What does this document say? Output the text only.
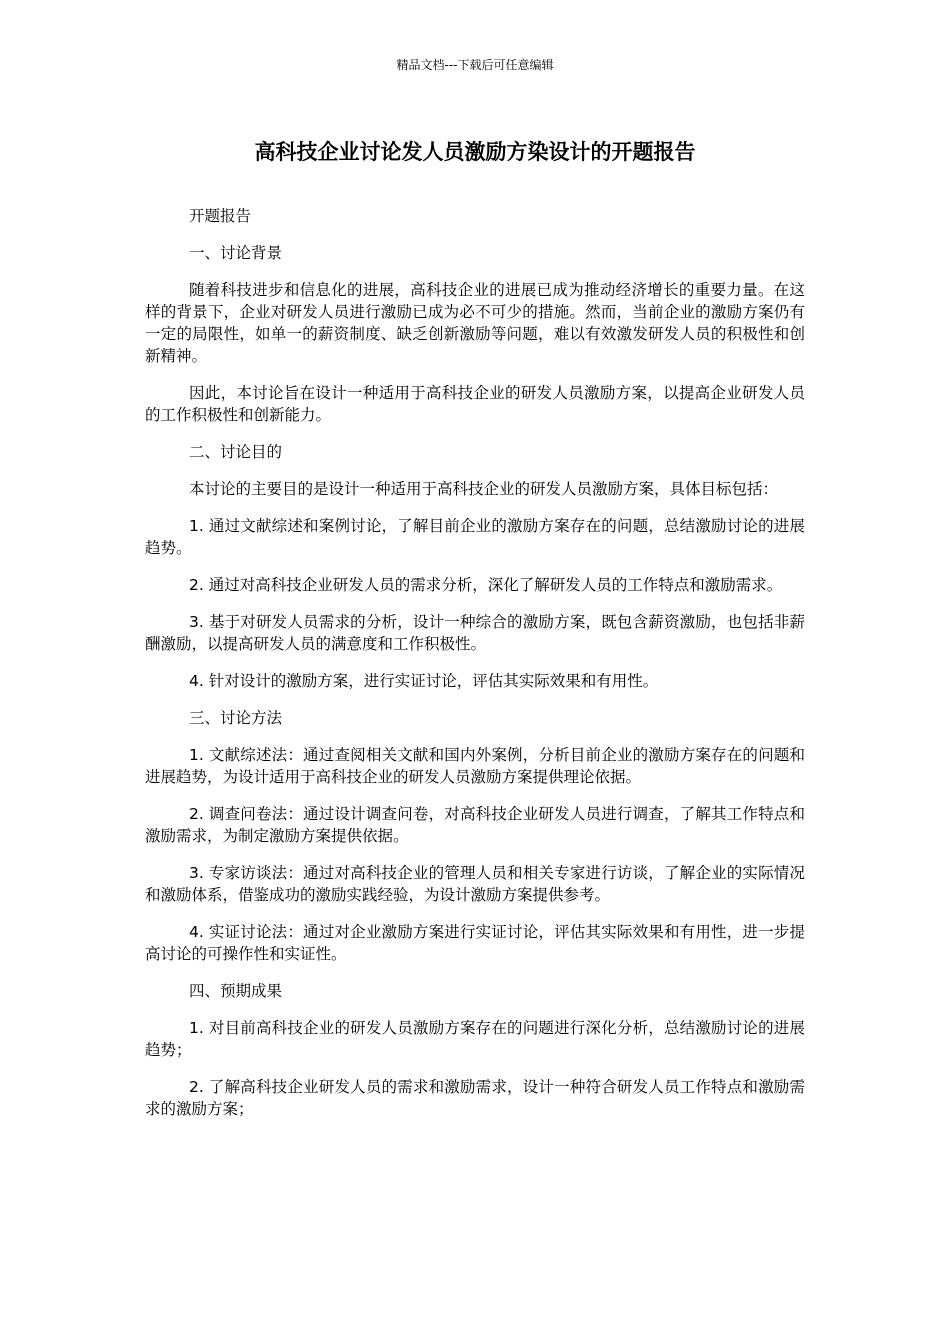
精品文档---下载后可任意编辑
高科技企业讨论发人员激励方染设计的开题报告

开题报告

一、讨论背景

随着科技进步和信息化的进展，高科技企业的进展已成为推动经济增长的重要力量。在这样的背景下，企业对研发人员进行激励已成为必不可少的措施。然而，当前企业的激励方案仍有一定的局限性，如单一的薪资制度、缺乏创新激励等问题，难以有效激发研发人员的积极性和创新精神。

因此，本讨论旨在设计一种适用于高科技企业的研发人员激励方案，以提高企业研发人员的工作积极性和创新能力。

二、讨论目的

本讨论的主要目的是设计一种适用于高科技企业的研发人员激励方案，具体目标包括：

1. 通过文献综述和案例讨论，了解目前企业的激励方案存在的问题，总结激励讨论的进展趋势。

2. 通过对高科技企业研发人员的需求分析，深化了解研发人员的工作特点和激励需求。

3. 基于对研发人员需求的分析，设计一种综合的激励方案，既包含薪资激励，也包括非薪酬激励，以提高研发人员的满意度和工作积极性。

4. 针对设计的激励方案，进行实证讨论，评估其实际效果和有用性。

三、讨论方法

1. 文献综述法：通过查阅相关文献和国内外案例，分析目前企业的激励方案存在的问题和进展趋势，为设计适用于高科技企业的研发人员激励方案提供理论依据。

2. 调查问卷法：通过设计调查问卷，对高科技企业研发人员进行调查，了解其工作特点和激励需求，为制定激励方案提供依据。

3. 专家访谈法：通过对高科技企业的管理人员和相关专家进行访谈，了解企业的实际情况和激励体系，借鉴成功的激励实践经验，为设计激励方案提供参考。

4. 实证讨论法：通过对企业激励方案进行实证讨论，评估其实际效果和有用性，进一步提高讨论的可操作性和实证性。

四、预期成果

1. 对目前高科技企业的研发人员激励方案存在的问题进行深化分析，总结激励讨论的进展趋势；

2. 了解高科技企业研发人员的需求和激励需求，设计一种符合研发人员工作特点和激励需求的激励方案；
